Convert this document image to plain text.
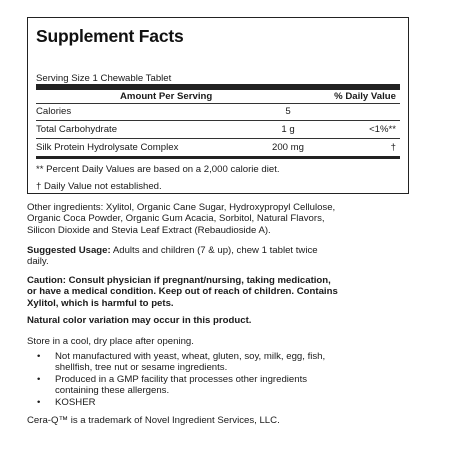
Supplement Facts
Serving Size 1 Chewable Tablet
Amount Per Serving	% Daily Value
Calories	5
Total Carbohydrate	1 g	<1%**
Silk Protein Hydrolysate Complex	200 mg	†
** Percent Daily Values are based on a 2,000 calorie diet.
† Daily Value not established.
Other ingredients: Xylitol, Organic Cane Sugar, Hydroxypropyl Cellulose,
Organic Coca Powder, Organic Gum Acacia, Sorbitol, Natural Flavors,
Silicon Dioxide and Stevia Leaf Extract (Rebaudioside A).
Suggested Usage: Adults and children (7 & up), chew 1 tablet twice
daily.
Caution: Consult physician if pregnant/nursing, taking medication,
or have a medical condition. Keep out of reach of children. Contains
Xylitol, which is harmful to pets.
Natural color variation may occur in this product.
Store in a cool, dry place after opening.
• Not manufactured with yeast, wheat, gluten, soy, milk, egg, fish,
shellfish, tree nut or sesame ingredients.
• Produced in a GMP facility that processes other ingredients
containing these allergens.
• KOSHER
Cera-Q™ is a trademark of Novel Ingredient Services, LLC.
